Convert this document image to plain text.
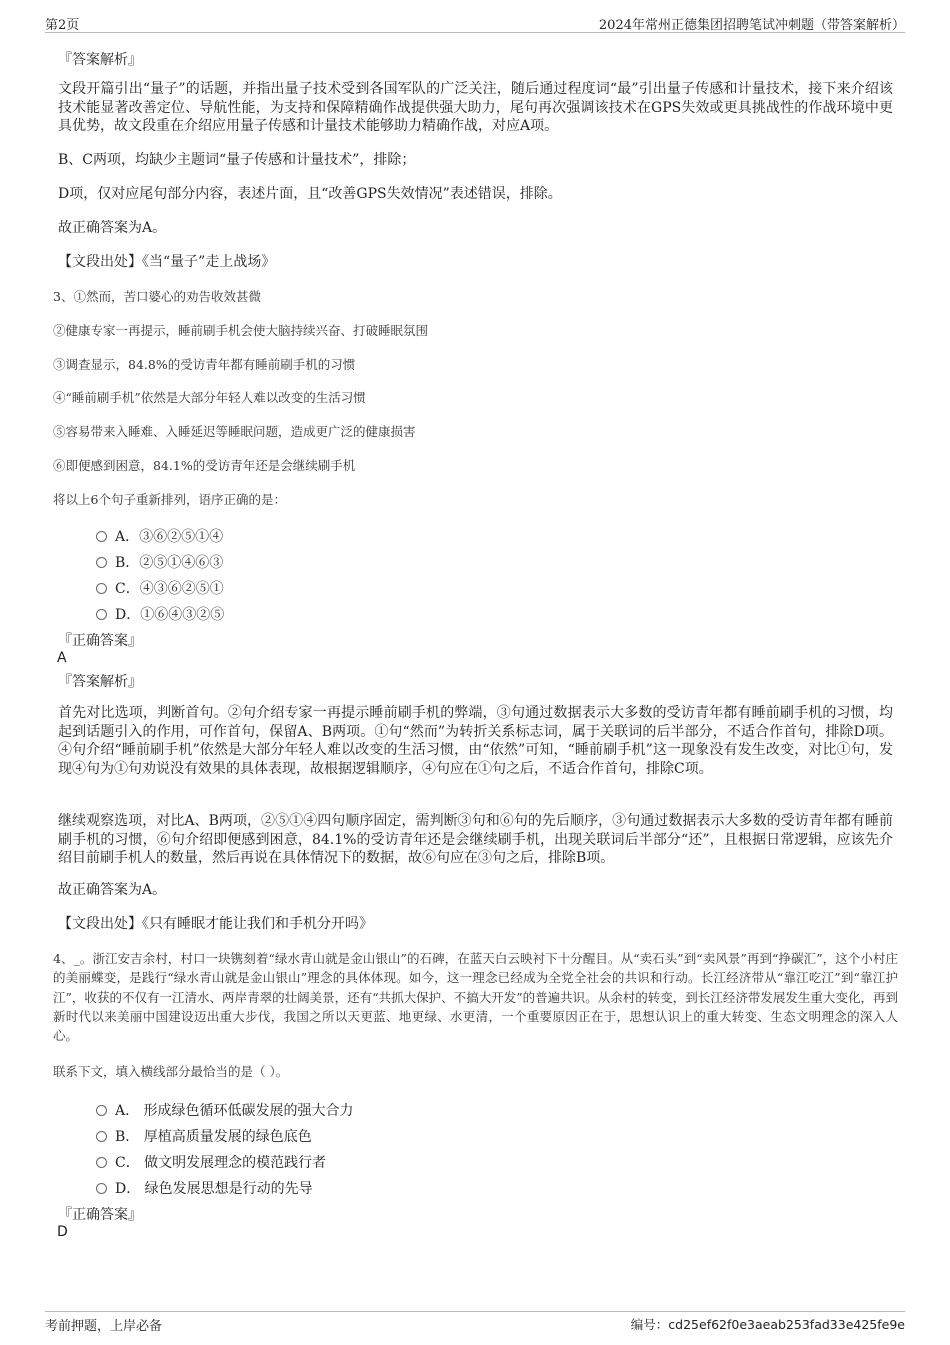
第2页	2024年常州正德集团招聘笔试冲刺题（带答案解析）
『答案解析』
文段开篇引出“量子”的话题，并指出量子技术受到各国军队的广泛关注，随后通过程度词“最”引出量子传感和计量技术，接下来介绍该技术能显著改善定位、导航性能，为支持和保障精确作战提供强大助力，尾句再次强调该技术在GPS失效或更具挑战性的作战环境中更具优势，故文段重在介绍应用量子传感和计量技术能够助力精确作战，对应A项。
B、C两项，均缺少主题词“量子传感和计量技术”，排除；
D项，仅对应尾句部分内容，表述片面，且“改善GPS失效情况”表述错误，排除。
故正确答案为A。
【文段出处】《当“量子”走上战场》
3、①然而，苦口婆心的劝告收效甚微
②健康专家一再提示，睡前刷手机会使大脑持续兴奋、打破睡眠氛围
③调查显示，84.8%的受访青年都有睡前刷手机的习惯
④“睡前刷手机”依然是大部分年轻人难以改变的生活习惯
⑤容易带来入睡难、入睡延迟等睡眠问题，造成更广泛的健康损害
⑥即便感到困意，84.1%的受访青年还是会继续刷手机
将以上6个句子重新排列，语序正确的是：
A．③⑥②⑤①④
B．②⑤①④⑥③
C．④③⑥②⑤①
D．①⑥④③②⑤
『正确答案』
A
『答案解析』
首先对比选项，判断首句。②句介绍专家一再提示睡前刷手机的弊端，③句通过数据表示大多数的受访青年都有睡前刷手机的习惯，均起到话题引入的作用，可作首句，保留A、B两项。①句“然而”为转折关系标志词，属于关联词的后半部分，不适合作首句，排除D项。④句介绍“睡前刷手机”依然是大部分年轻人难以改变的生活习惯，由“依然”可知，“睡前刷手机”这一现象没有发生改变，对比①句，发现④句为①句劝说没有效果的具体表现，故根据逻辑顺序，④句应在①句之后，不适合作首句，排除C项。
继续观察选项，对比A、B两项，②⑤①④四句顺序固定，需判断③句和⑥句的先后顺序，③句通过数据表示大多数的受访青年都有睡前刷手机的习惯，⑥句介绍即便感到困意，84.1%的受访青年还是会继续刷手机，出现关联词后半部分“还”，且根据日常逻辑，应该先介绍目前刷手机人的数量，然后再说在具体情况下的数据，故⑥句应在③句之后，排除B项。
故正确答案为A。
【文段出处】《只有睡眠才能让我们和手机分开吗》
4、_。浙江安吉余村，村口一块镌刻着“绿水青山就是金山银山”的石碑，在蓝天白云映衬下十分醒目。从“卖石头”到“卖风景”再到“挣碳汇”，这个小村庄的美丽蝶变，是践行“绿水青山就是金山银山”理念的具体体现。如今，这一理念已经成为全党全社会的共识和行动。长江经济带从“靠江吃江”到“靠江护江”，收获的不仅有一江清水、两岸青翠的壮阔美景，还有“共抓大保护、不搞大开发”的普遍共识。从余村的转变，到长江经济带发展发生重大变化，再到新时代以来美丽中国建设迈出重大步伐，我国之所以天更蓝、地更绿、水更清，一个重要原因正在于，思想认识上的重大转变、生态文明理念的深入人心。
联系下文，填入横线部分最恰当的是（ ）。
A． 形成绿色循环低碳发展的强大合力
B． 厚植高质量发展的绿色底色
C． 做文明发展理念的模范践行者
D． 绿色发展思想是行动的先导
『正确答案』
D
考前押题，上岸必备	编号：cd25ef62f0e3aeab253fad33e425fe9e
